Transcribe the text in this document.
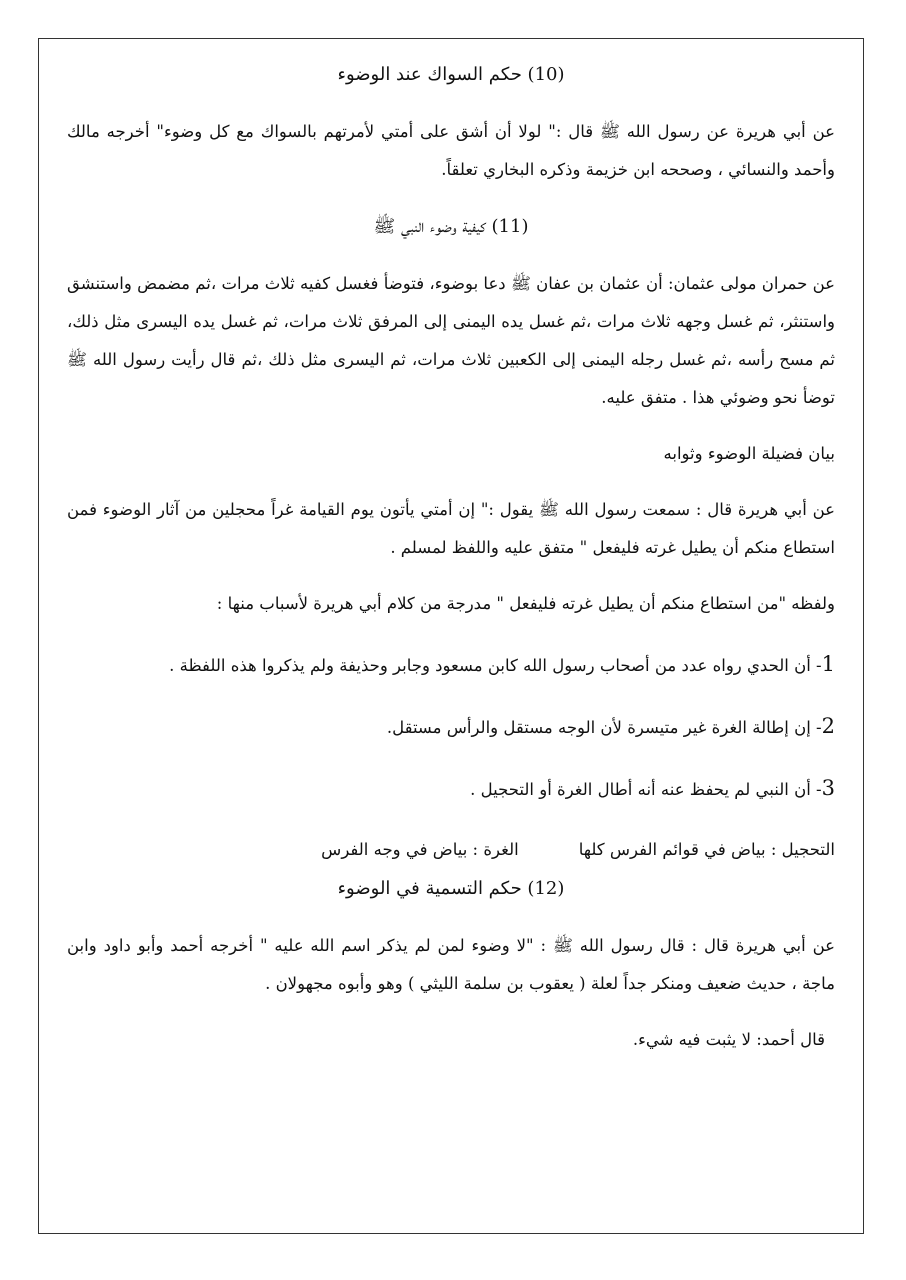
(10) حكم السواك عند الوضوء

عن أبي هريرة عن رسول الله ﷺ قال :" لولا أن أشق على أمتي لأمرتهم بالسواك مع كل وضوء" أخرجه مالك وأحمد والنسائي ، وصححه ابن خزيمة وذكره البخاري تعلقاً.

(11) كيفية وضوء النبي ﷺ

عن حمران مولى عثمان: أن عثمان بن عفان ﷺ دعا بوضوء، فتوضأ فغسل كفيه ثلاث مرات ،ثم مضمض واستنشق واستنثر، ثم غسل وجهه ثلاث مرات ،ثم غسل يده اليمنى إلى المرفق ثلاث مرات، ثم غسل يده اليسرى مثل ذلك، ثم مسح رأسه ،ثم غسل رجله اليمنى إلى الكعبين ثلاث مرات، ثم اليسرى مثل ذلك ،ثم قال رأيت رسول الله ﷺ توضأ نحو وضوئي هذا . متفق عليه.

بيان فضيلة الوضوء وثوابه

عن أبي هريرة قال : سمعت رسول الله ﷺ يقول :" إن أمتي يأتون يوم القيامة غراً محجلين من آثار الوضوء فمن استطاع منكم أن يطيل غرته فليفعل " متفق عليه واللفظ لمسلم .

ولفظه "من استطاع منكم أن يطيل غرته فليفعل " مدرجة من كلام أبي هريرة لأسباب منها :

1- أن الحدي رواه عدد من أصحاب رسول الله كابن مسعود وجابر وحذيفة ولم يذكروا هذه اللفظة .

2- إن إطالة الغرة غير متيسرة لأن الوجه مستقل والرأس مستقل.

3- أن النبي لم يحفظ عنه أنه أطال الغرة أو التحجيل .

التحجيل : بياض في قوائم الفرس كلها
الغرة : بياض في وجه الفرس

(12) حكم التسمية في الوضوء

عن أبي هريرة قال : قال رسول الله ﷺ : "لا وضوء لمن لم يذكر اسم الله عليه " أخرجه أحمد وأبو داود وابن ماجة ، حديث ضعيف ومنكر جداً لعلة ( يعقوب بن سلمة الليثي ) وهو وأبوه مجهولان .

قال أحمد: لا يثبت فيه شيء.
